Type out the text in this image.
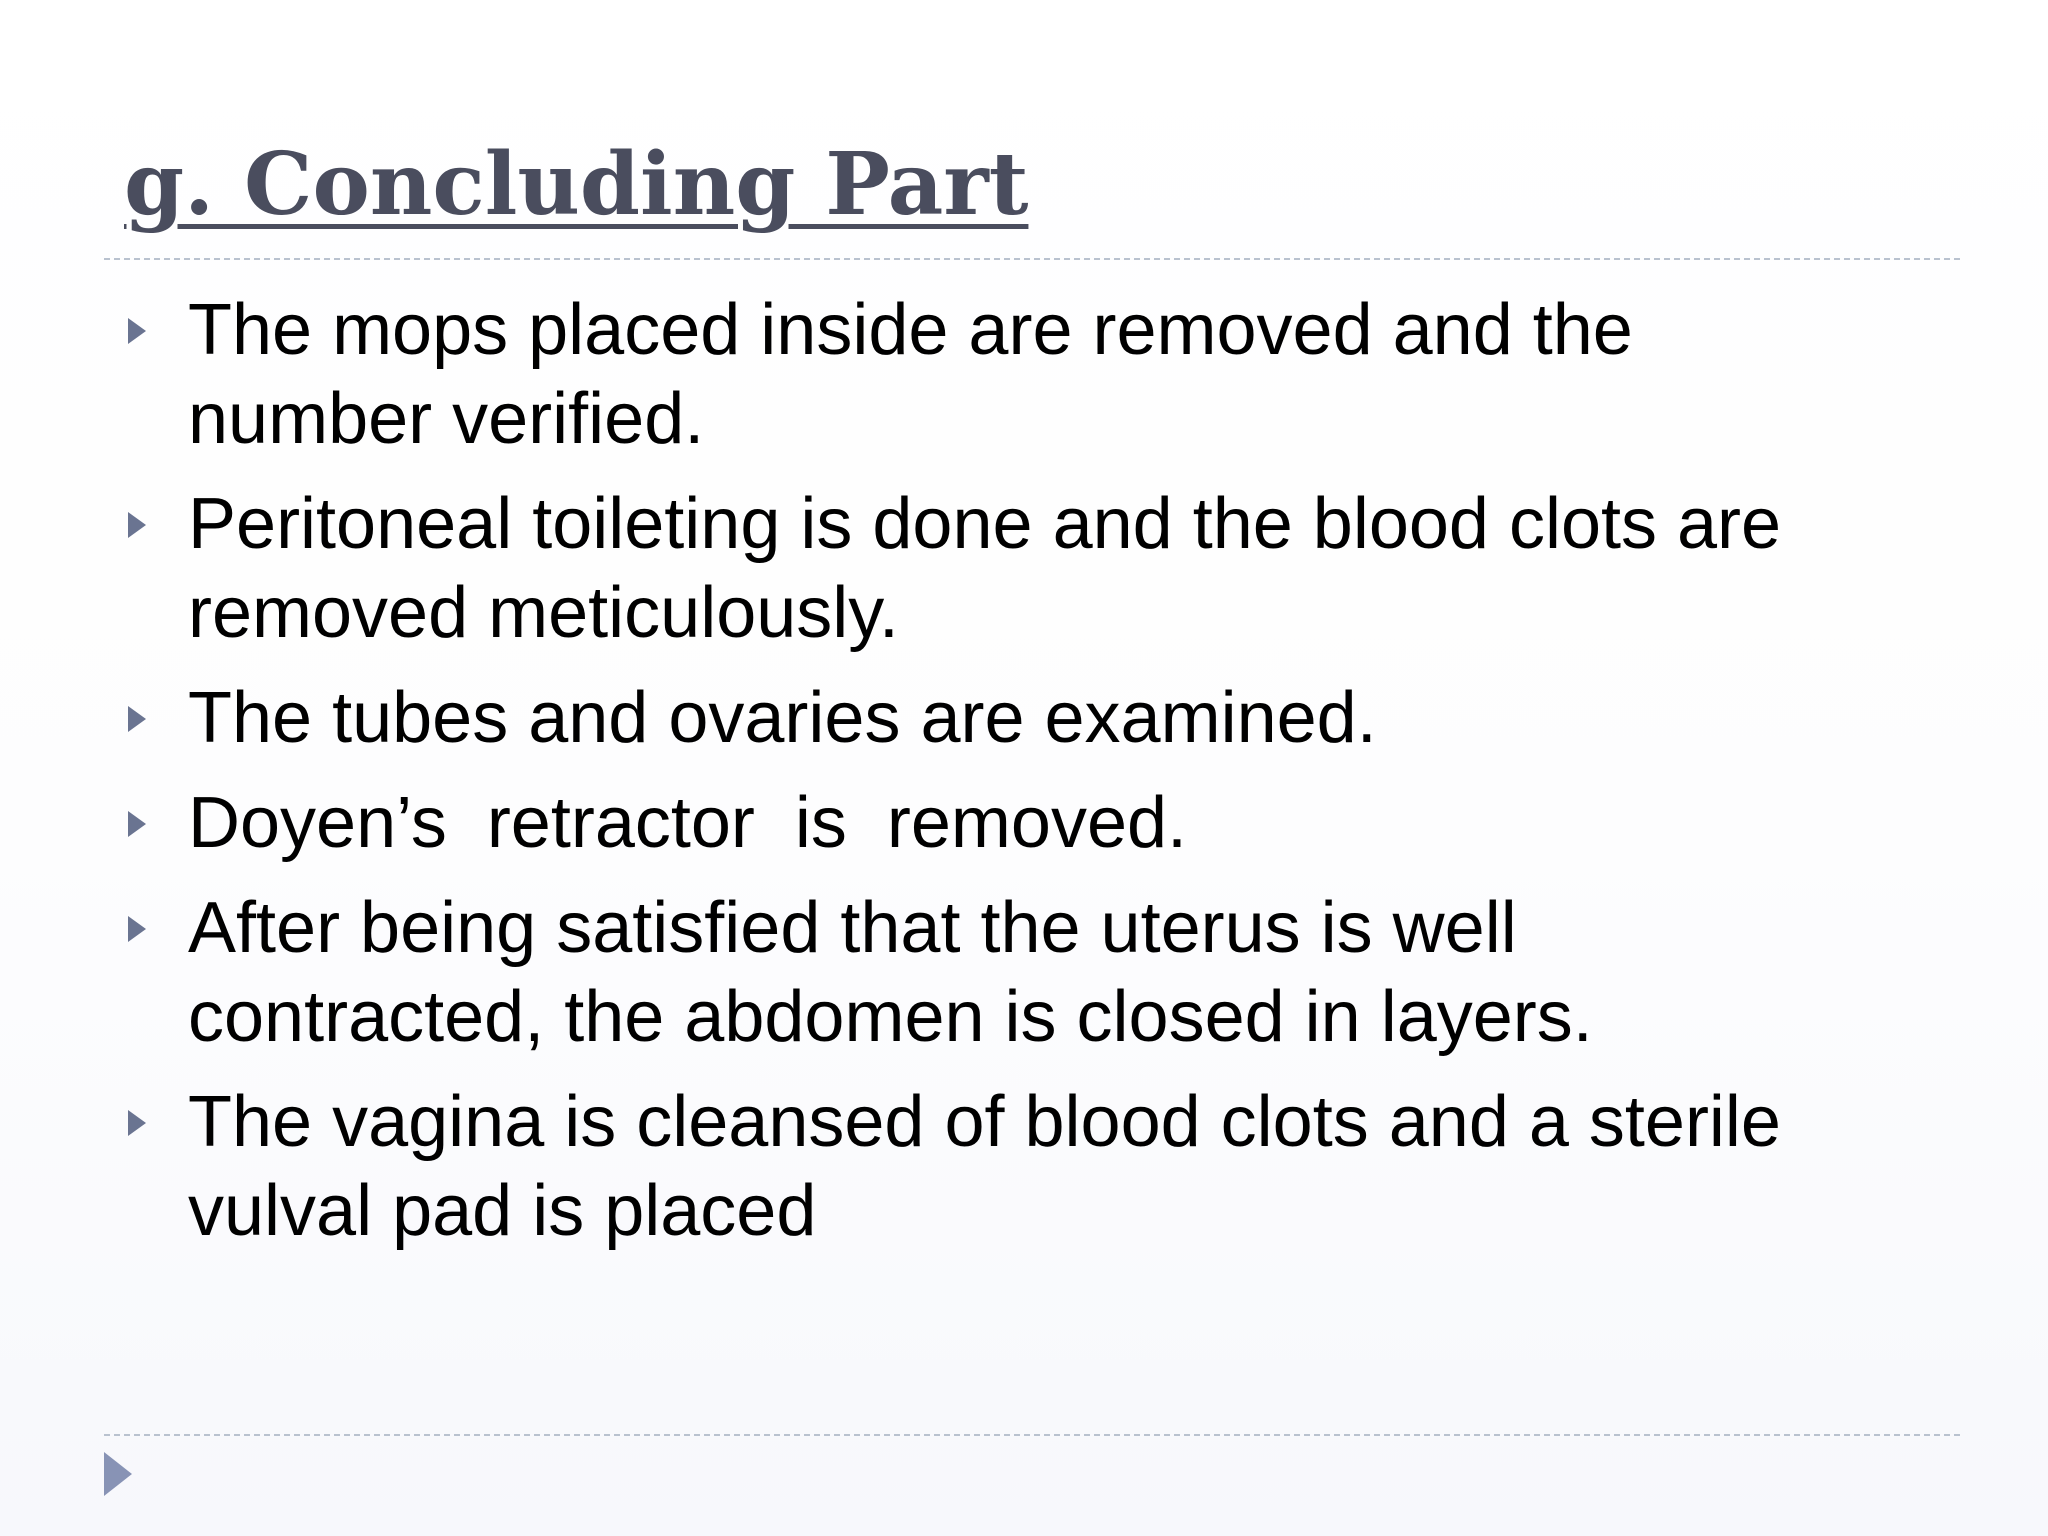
g. Concluding Part
The mops placed inside are removed and the number verified.
Peritoneal toileting is done and the blood clots are removed meticulously.
The tubes and ovaries are examined.
Doyen’s  retractor  is  removed.
After being satisfied that the uterus is well contracted, the abdomen is closed in layers.
The vagina is cleansed of blood clots and a sterile vulval pad is placed
